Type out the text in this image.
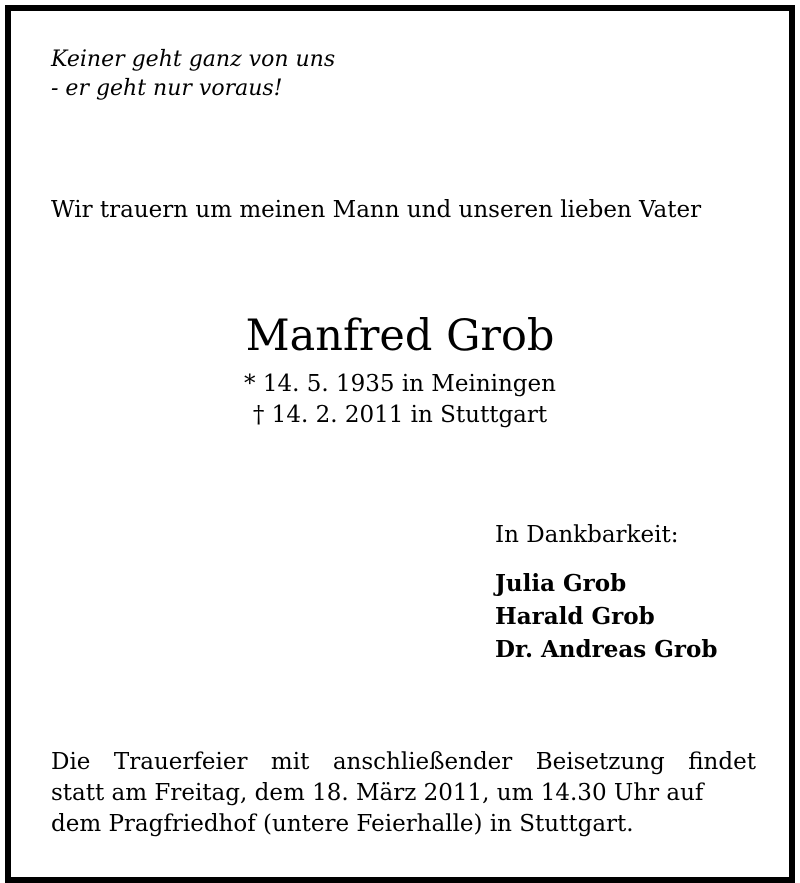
Keiner geht ganz von uns
- er geht nur voraus!
Wir trauern um meinen Mann und unseren lieben Vater
Manfred Grob
* 14. 5. 1935 in Meiningen
† 14. 2. 2011 in Stuttgart
In Dankbarkeit:
Julia Grob
Harald Grob
Dr. Andreas Grob
Die Trauerfeier mit anschließender Beisetzung findet
statt am Freitag, dem 18. März 2011, um 14.30 Uhr auf
dem Pragfriedhof (untere Feierhalle) in Stuttgart.
